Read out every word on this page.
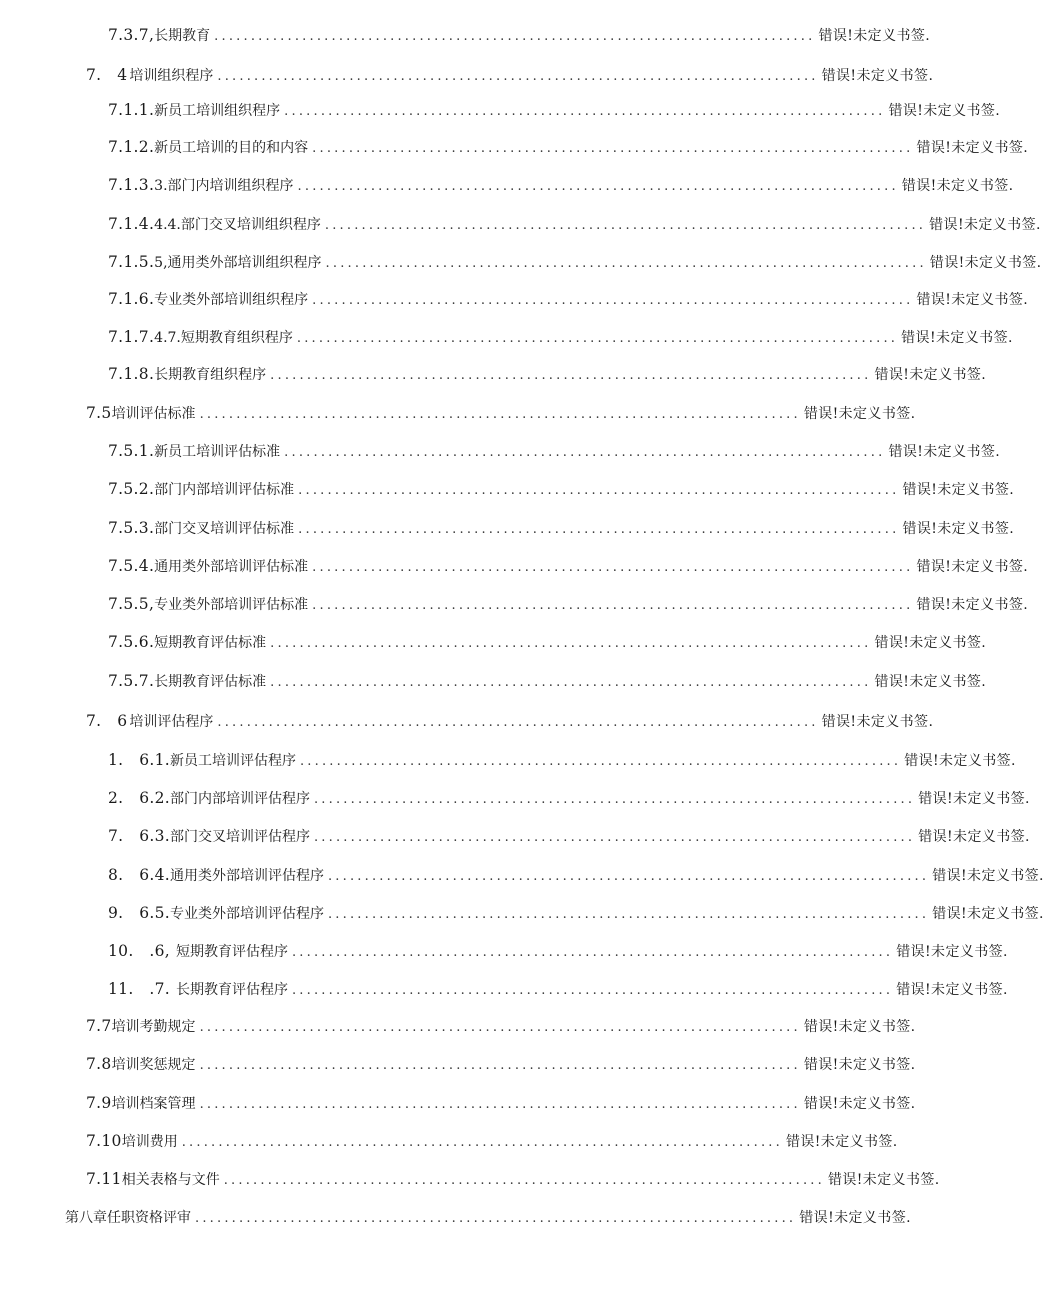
7.3.7, 长期教育 .................................................................................. 错误!未定义书签.
7.　4 培训组织程序 .................................................................................. 错误!未定义书签.
7.1.1. 新员工培训组织程序 .................................................................................. 错误!未定义书签.
7.1.2. 新员工培训的目的和内容 .................................................................................. 错误!未定义书签.
7.1.3. 3.部门内培训组织程序 .................................................................................. 错误!未定义书签.
7.1.4. 4.4.部门交叉培训组织程序 .................................................................................. 错误!未定义书签.
7.1.5. 5,通用类外部培训组织程序 .................................................................................. 错误!未定义书签.
7.1.6. 专业类外部培训组织程序 .................................................................................. 错误!未定义书签.
7.1.7. 4.7.短期教育组织程序 .................................................................................. 错误!未定义书签.
7.1.8. 长期教育组织程序 .................................................................................. 错误!未定义书签.
7.5 培训评估标准 .................................................................................. 错误!未定义书签.
7.5.1. 新员工培训评估标准 .................................................................................. 错误!未定义书签.
7.5.2. 部门内部培训评估标准 .................................................................................. 错误!未定义书签.
7.5.3. 部门交叉培训评估标准 .................................................................................. 错误!未定义书签.
7.5.4. 通用类外部培训评估标准 .................................................................................. 错误!未定义书签.
7.5.5, 专业类外部培训评估标准 .................................................................................. 错误!未定义书签.
7.5.6. 短期教育评估标准 .................................................................................. 错误!未定义书签.
7.5.7. 长期教育评估标准 .................................................................................. 错误!未定义书签.
7.　6 培训评估程序 .................................................................................. 错误!未定义书签.
1.　6.1. 新员工培训评估程序 .................................................................................. 错误!未定义书签.
2.　6.2. 部门内部培训评估程序 .................................................................................. 错误!未定义书签.
7.　6.3. 部门交叉培训评估程序 .................................................................................. 错误!未定义书签.
8.　6.4. 通用类外部培训评估程序 .................................................................................. 错误!未定义书签.
9.　6.5. 专业类外部培训评估程序 .................................................................................. 错误!未定义书签.
10.　.6, 短期教育评估程序 .................................................................................. 错误!未定义书签.
11.　.7. 长期教育评估程序 .................................................................................. 错误!未定义书签.
7.7 培训考勤规定 .................................................................................. 错误!未定义书签.
7.8 培训奖惩规定 .................................................................................. 错误!未定义书签.
7.9 培训档案管理 .................................................................................. 错误!未定义书签.
7.10 培训费用 .................................................................................. 错误!未定义书签.
7.11 相关表格与文件 .................................................................................. 错误!未定义书签.
第八章任职资格评审 .................................................................................. 错误!未定义书签.
